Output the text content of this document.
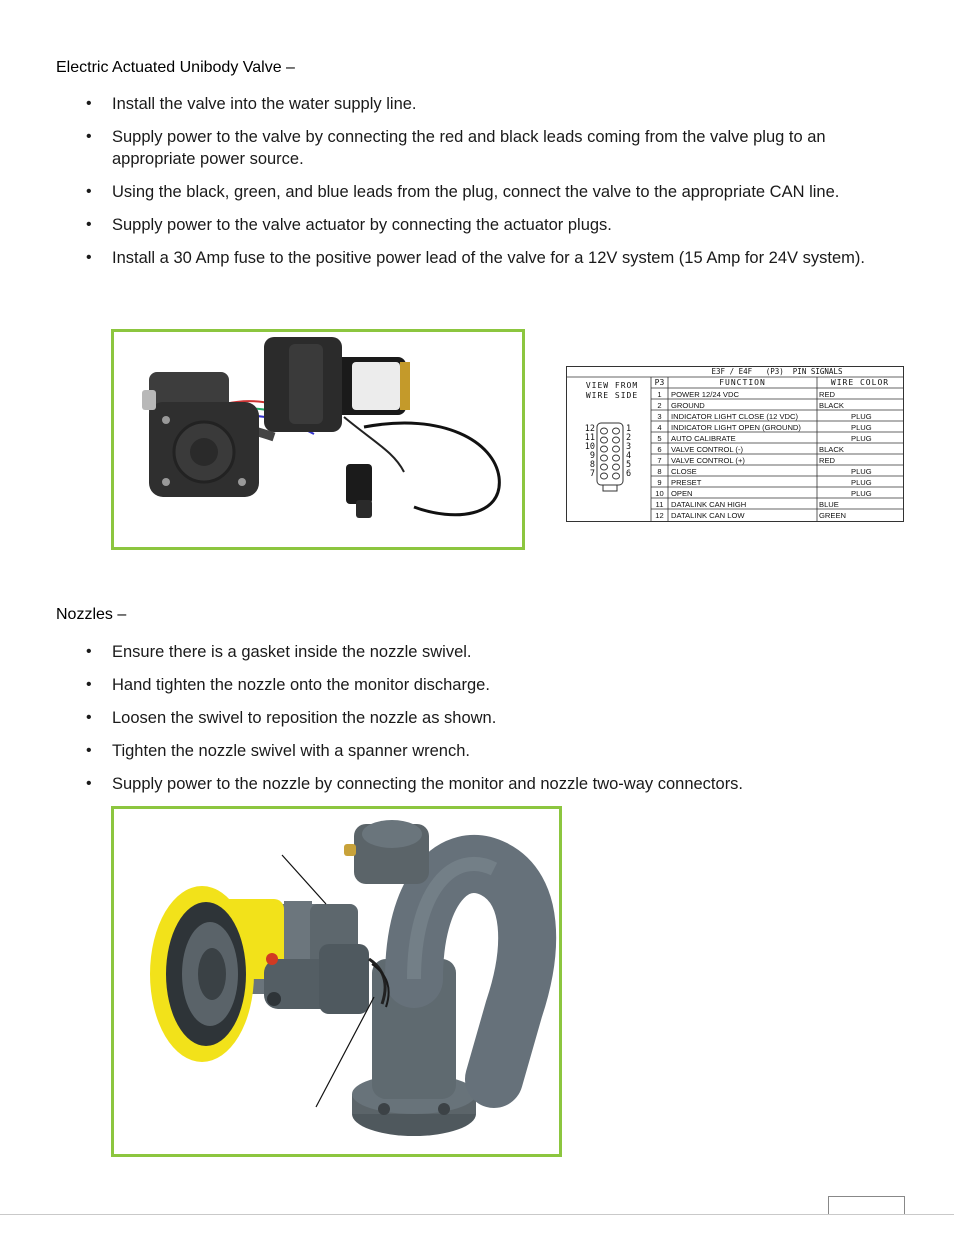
Electric Actuated Unibody Valve –
• Install the valve into the water supply line.
• Supply power to the valve by connecting the red and black leads coming from the valve plug to an appropriate power source.
• Using the black, green, and blue leads from the plug, connect the valve to the appropriate CAN line.
• Supply power to the valve actuator by connecting the actuator plugs.
• Install a 30 Amp fuse to the positive power lead of the valve for a 12V system (15 Amp for 24V system).
E3F / E4F   (P3)  PIN SIGNALS
VIEW FROM
WIRE SIDE
P3	FUNCTION	WIRE COLOR
12
11
10
9
8
7
1
2
3
4
5
6
1	POWER 12/24 VDC	RED
2	GROUND	BLACK
3	INDICATOR LIGHT CLOSE (12 VDC)	PLUG
4	INDICATOR LIGHT OPEN (GROUND)	PLUG
5	AUTO CALIBRATE	PLUG
6	VALVE CONTROL (-)	BLACK
7	VALVE CONTROL (+)	RED
8	CLOSE	PLUG
9	PRESET	PLUG
10 OPEN	PLUG
11 DATALINK CAN HIGH	BLUE
12 DATALINK CAN LOW	GREEN
Nozzles –
• Ensure there is a gasket inside the nozzle swivel.
• Hand tighten the nozzle onto the monitor discharge.
• Loosen the swivel to reposition the nozzle as shown.
• Tighten the nozzle swivel with a spanner wrench.
• Supply power to the nozzle by connecting the monitor and nozzle two-way connectors.
